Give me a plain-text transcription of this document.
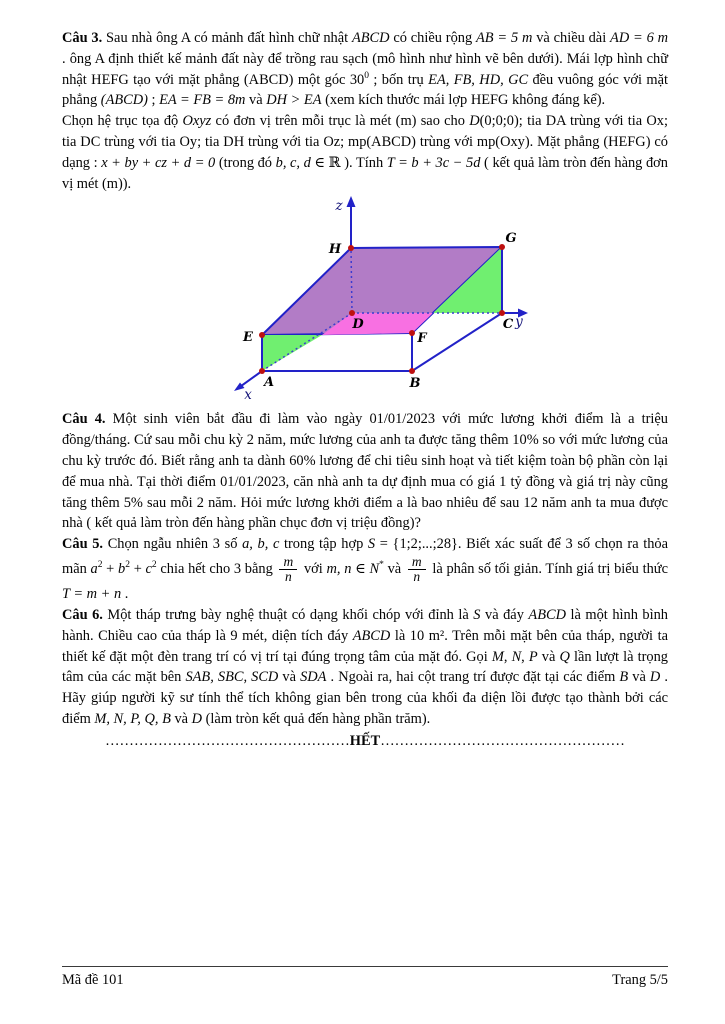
Câu 3. Sau nhà ông A có mảnh đất hình chữ nhật ABCD có chiều rộng AB = 5 m và chiều dài AD = 6 m . ông A định thiết kế mảnh đất này để trồng rau sạch (mô hình như hình vẽ bên dưới). Mái lợp hình chữ nhật HEFG tạo với mặt phẳng (ABCD) một góc $30^0$ ; bốn trụ EA, FB, HD, GC đều vuông góc với mặt phẳng (ABCD) ; EA = FB = 8m và DH > EA (xem kích thước mái lợp HEFG không đáng kể).

Chọn hệ trục tọa độ Oxyz có đơn vị trên mỗi trục là mét (m) sao cho D(0;0;0); tia DA trùng với tia Ox; tia DC trùng với tia Oy; tia DH trùng với tia Oz; mp(ABCD) trùng với mp(Oxy). Mặt phẳng (HEFG) có dạng : x + by + cz + d = 0 (trong đó b, c, d ∈ ℝ ). Tính T = b + 3c − 5d ( kết quả làm tròn đến hàng đơn vị mét (m)).

H
G
E
D
F
C
A	B
z
x
y

Câu 4. Một sinh viên bắt đầu đi làm vào ngày 01/01/2023 với mức lương khởi điểm là a triệu đồng/tháng. Cứ sau mỗi chu kỳ 2 năm, mức lương của anh ta được tăng thêm 10% so với mức lương của chu kỳ trước đó. Biết rằng anh ta dành 60% lương để chi tiêu sinh hoạt và tiết kiệm toàn bộ phần còn lại để mua nhà. Tại thời điểm 01/01/2023, căn nhà anh ta dự định mua có giá 1 tỷ đồng và giá trị này cũng tăng thêm 5% sau mỗi 2 năm. Hỏi mức lương khởi điểm a là bao nhiêu để sau 12 năm anh ta mua được nhà ( kết quả làm tròn đến hàng phần chục đơn vị triệu đồng)?

Câu 5. Chọn ngẫu nhiên 3 số a, b, c trong tập hợp S = {1;2;...;28}. Biết xác suất để 3 số chọn ra thỏa mãn $a^2 + b^2 + c^2$ chia hết cho 3 bằng $\frac{m}{n}$ với m, n ∈ N* và $\frac{m}{n}$ là phân số tối giản. Tính giá trị biểu thức T = m + n .

Câu 6. Một tháp trưng bày nghệ thuật có dạng khối chóp với đỉnh là S và đáy ABCD là một hình bình hành. Chiều cao của tháp là 9 mét, diện tích đáy ABCD là 10 m². Trên mỗi mặt bên của tháp, người ta thiết kế đặt một đèn trang trí có vị trí tại đúng trọng tâm của mặt đó. Gọi M, N, P và Q lần lượt là trọng tâm của các mặt bên SAB, SBC, SCD và SDA . Ngoài ra, hai cột trang trí được đặt tại các điểm B và D . Hãy giúp người kỹ sư tính thể tích không gian bên trong của khối đa diện lồi được tạo thành bởi các điểm M, N, P, Q, B và D (làm tròn kết quả đến hàng phần trăm).

……………………………………………HẾT……………………………………………
Mã đề 101	Trang 5/5
